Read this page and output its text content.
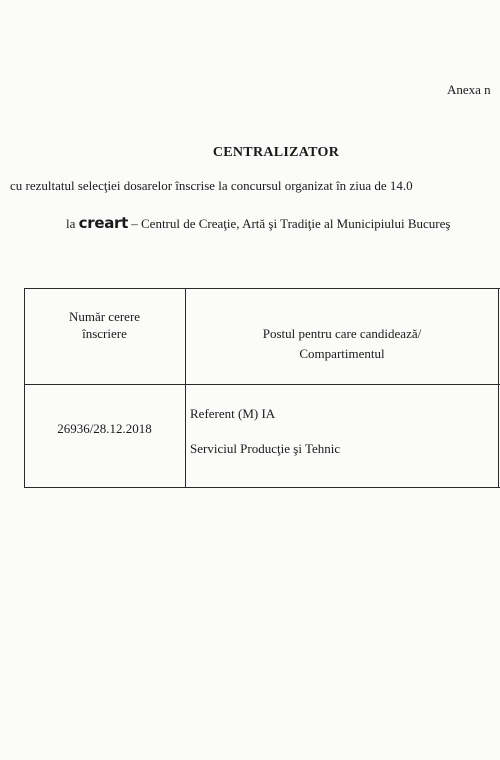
Anexa n
CENTRALIZATOR
cu rezultatul selecţiei dosarelor înscrise la concursul organizat în ziua de 14.0
la creart – Centrul de Creaţie, Artă şi Tradiţie al Municipiului Bucureş
Număr cerere
înscriere	Postul pentru care candidează/
Compartimentul
26936/28.12.2018
Referent (M) IA
Serviciul Producţie şi Tehnic
